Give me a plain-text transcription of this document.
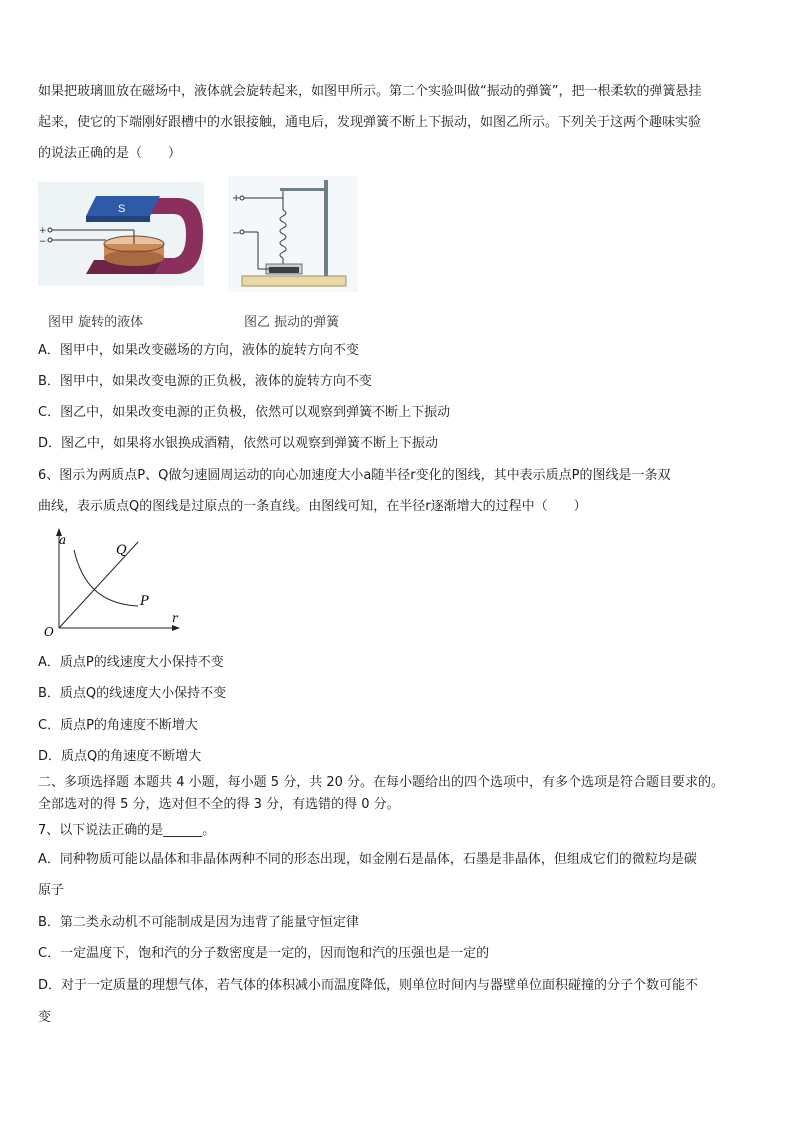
如果把玻璃皿放在磁场中，液体就会旋转起来，如图甲所示。第二个实验叫做“振动的弹簧”，把一根柔软的弹簧悬挂

起来，使它的下端刚好跟槽中的水银接触，通电后，发现弹簧不断上下振动，如图乙所示。下列关于这两个趣味实验

的说法正确的是（　　）

S
+
−
+
−
图甲 旋转的液体	图乙 振动的弹簧

A．图甲中，如果改变磁场的方向，液体的旋转方向不变

B．图甲中，如果改变电源的正负极，液体的旋转方向不变

C．图乙中，如果改变电源的正负极，依然可以观察到弹簧不断上下振动

D．图乙中，如果将水银换成酒精，依然可以观察到弹簧不断上下振动

6、图示为两质点P、Q做匀速圆周运动的向心加速度大小a随半径r变化的图线，其中表示质点P的图线是一条双

曲线，表示质点Q的图线是过原点的一条直线。由图线可知，在半径r逐渐增大的过程中（　　）

a
r
O
Q
P

A．质点P的线速度大小保持不变

B．质点Q的线速度大小保持不变

C．质点P的角速度不断增大

D．质点Q的角速度不断增大

二、多项选择题 本题共 4 小题，每小题 5 分，共 20 分。在每小题给出的四个选项中，有多个选项是符合题目要求的。

全部选对的得 5 分，选对但不全的得 3 分，有选错的得 0 分。

7、以下说法正确的是______。

A．同种物质可能以晶体和非晶体两种不同的形态出现，如金刚石是晶体，石墨是非晶体，但组成它们的微粒均是碳

原子

B．第二类永动机不可能制成是因为违背了能量守恒定律

C．一定温度下，饱和汽的分子数密度是一定的，因而饱和汽的压强也是一定的

D．对于一定质量的理想气体，若气体的体积减小而温度降低，则单位时间内与器壁单位面积碰撞的分子个数可能不

变
